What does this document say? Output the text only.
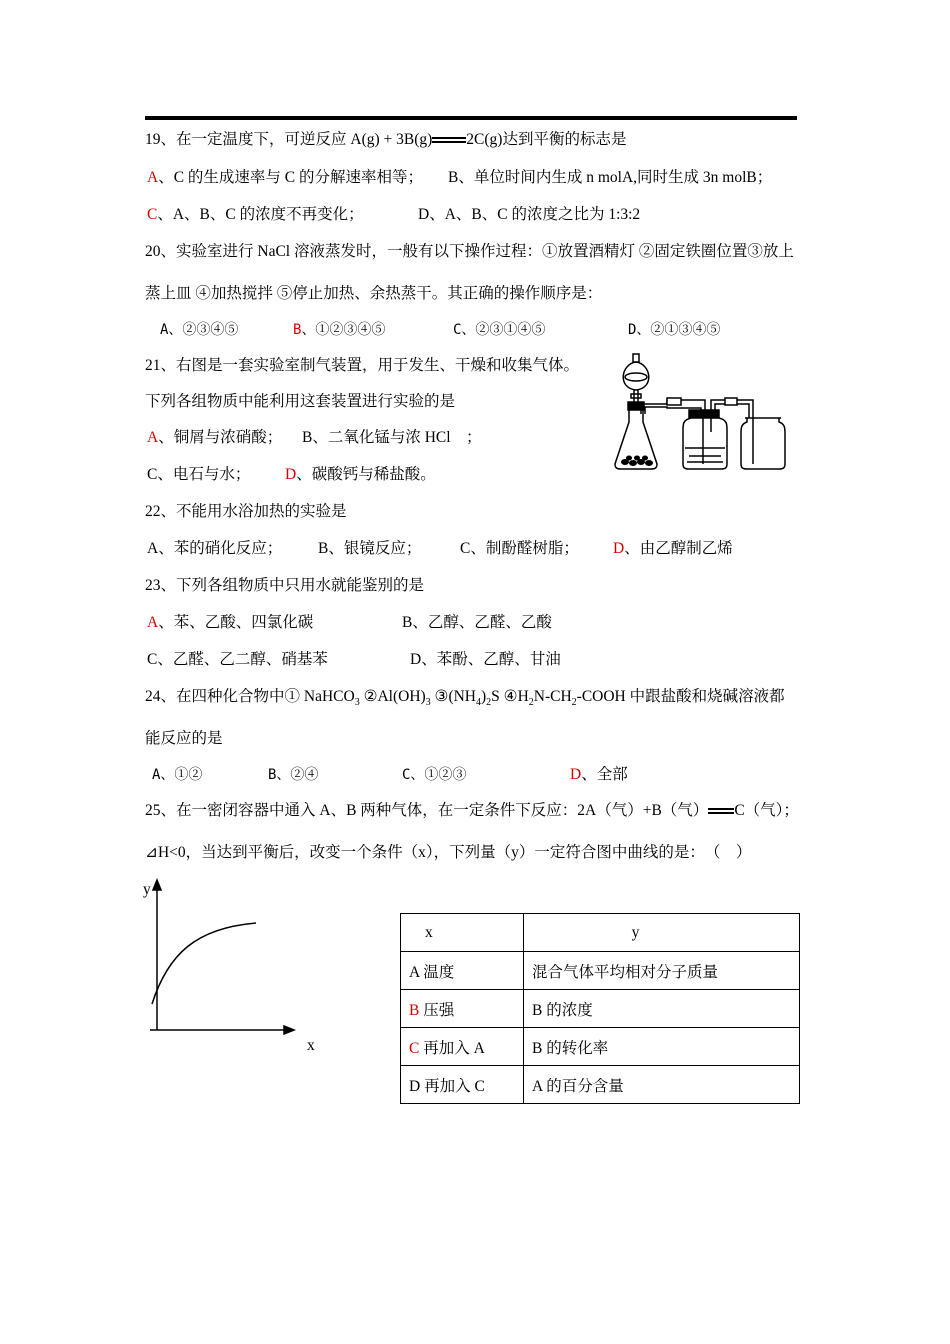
19、在一定温度下，可逆反应 A(g) + 3B(g) 2C(g)达到平衡的标志是
A、C 的生成速率与 C 的分解速率相等； B、单位时间内生成 n molA,同时生成 3n molB；
C、A、B、C 的浓度不再变化；	D、A、B、C 的浓度之比为 1:3:2
20、实验室进行 NaCl 溶液蒸发时，一般有以下操作过程：①放置酒精灯 ②固定铁圈位置③放上
蒸上皿 ④加热搅拌 ⑤停止加热、余热蒸干。其正确的操作顺序是：
A、②③④⑤	B、①②③④⑤	C、②③①④⑤	D、②①③④⑤
21、右图是一套实验室制气装置，用于发生、干燥和收集气体。
下列各组物质中能利用这套装置进行实验的是
A、铜屑与浓硝酸； B、二氧化锰与浓 HCl　；
C、电石与水； D、碳酸钙与稀盐酸。
22、不能用水浴加热的实验是
A、苯的硝化反应； B、银镜反应； C、制酚醛树脂； D、由乙醇制乙烯
23、下列各组物质中只用水就能鉴别的是
A、苯、乙酸、四氯化碳	B、乙醇、乙醛、乙酸
C、乙醛、乙二醇、硝基苯	D、苯酚、乙醇、甘油
24、在四种化合物中① NaHCO$_3$ $②Al(OH)_3$ $③(NH_4)_2S$ $④H_2N-CH_2$-COOH 中跟盐酸和烧碱溶液都
能反应的是
A、①②	B、②④	C、①②③	D、全部
25、在一密闭容器中通入 A、B 两种气体，在一定条件下反应：2A（气）+B（气） C（气）；
⊿H<0，当达到平衡后，改变一个条件（x），下列量（y）一定符合图中曲线的是：　（　）
y
x
x	y
A 温度	混合气体平均相对分子质量
B 压强	B 的浓度
C 再加入 A	B 的转化率
D 再加入 C	A 的百分含量
